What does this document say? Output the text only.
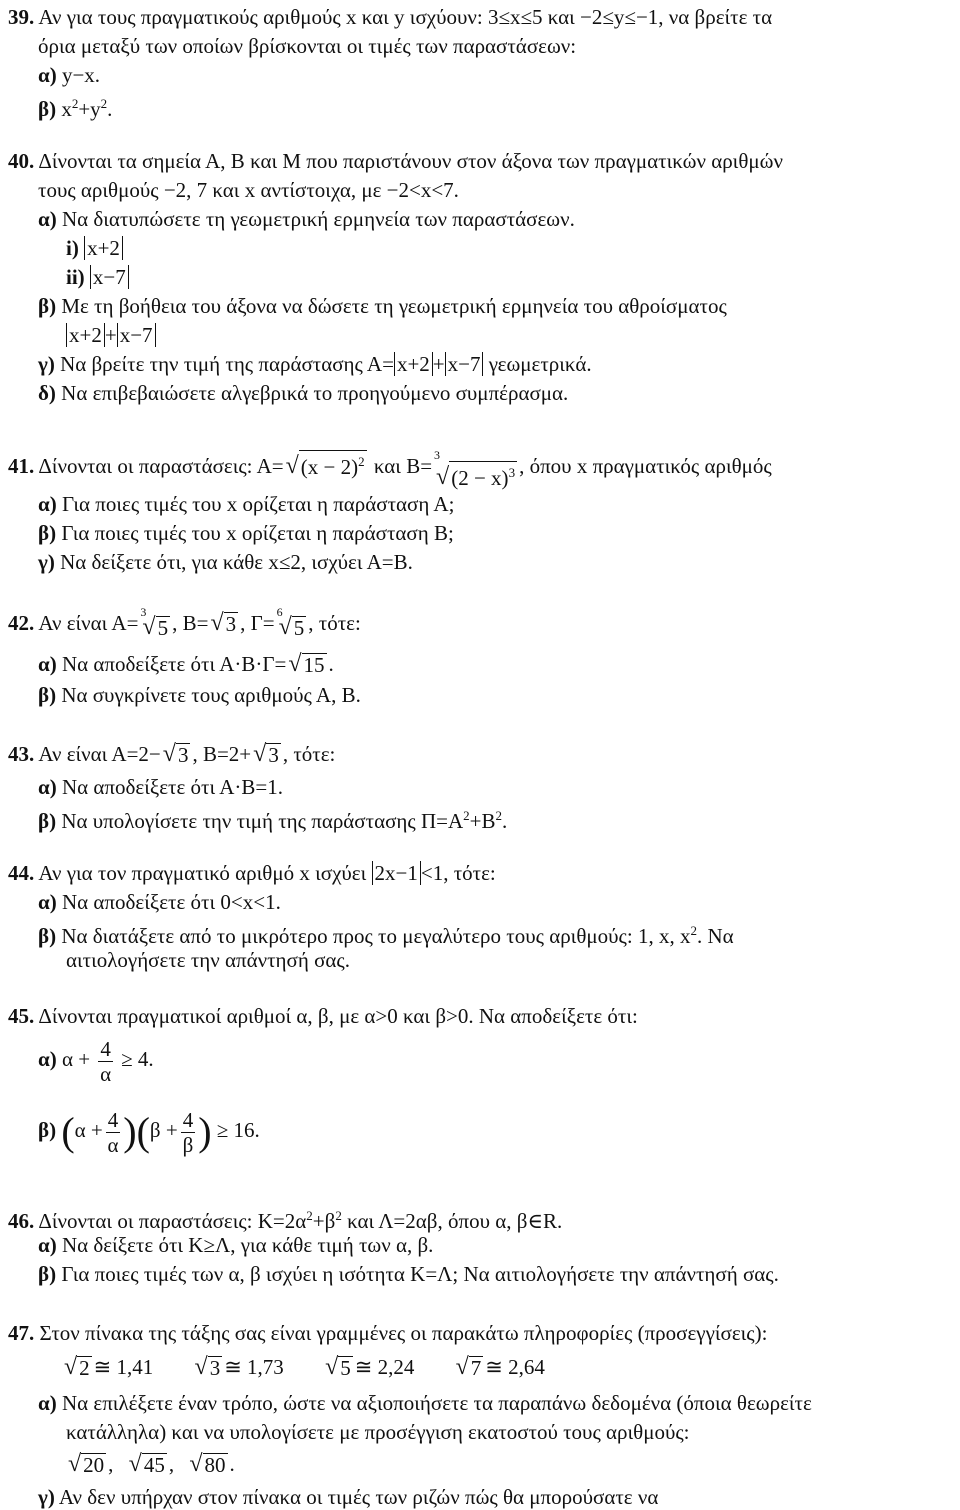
39. Αν για τους πραγματικούς αριθμούς x και y ισχύουν: 3≤x≤5 και −2≤y≤−1, να βρείτε τα
όρια μεταξύ των οποίων βρίσκονται οι τιμές των παραστάσεων:
α) y−x.
β) $x^2+y^2$.
40. Δίνονται τα σημεία Α, Β και Μ που παριστάνουν στον άξονα των πραγματικών αριθμών
τους αριθμούς −2, 7 και x αντίστοιχα, με −2<x<7.
α) Να διατυπώσετε τη γεωμετρική ερμηνεία των παραστάσεων.
i) x+2
ii) x−7
β) Με τη βοήθεια του άξονα να δώσετε τη γεωμετρική ερμηνεία του αθροίσματος
x+2 + x−7
γ) Να βρείτε την τιμή της παράστασης Α= x+2 + x−7 γεωμετρικά.
δ) Να επιβεβαιώσετε αλγεβρικά το προηγούμενο συμπέρασμα.
41. Δίνονται οι παραστάσεις: Α= √ $(x - 2)^2$ και Β= 3
√ $(2 - x)^3$ , όπου x πραγματικός αριθμός
α) Για ποιες τιμές του x ορίζεται η παράσταση Α;
β) Για ποιες τιμές του x ορίζεται η παράσταση Β;
γ) Να δείξετε ότι, για κάθε x≤2, ισχύει Α=Β.
42. Αν είναι Α= 3
√ 5 , Β= √ 3 , Γ= 6
√ 5 , τότε:
α) Να αποδείξετε ότι Α·Β·Γ= √ 15 .
β) Να συγκρίνετε τους αριθμούς Α, Β.
43. Αν είναι Α=2− √ 3 , Β=2+ √ 3 , τότε:
α) Να αποδείξετε ότι Α·Β=1.
β) Να υπολογίσετε την τιμή της παράστασης $\Pi=A^2+B^2$.
44. Αν για τον πραγματικό αριθμό x ισχύει 2x−1 <1, τότε:
α) Να αποδείξετε ότι 0<x<1.
β) Να διατάξετε από το μικρότερο προς το μεγαλύτερο τους αριθμούς: 1, x, $x^2$. Να
αιτιολογήσετε την απάντησή σας.
45. Δίνονται πραγματικοί αριθμοί α, β, με α>0 και β>0. Να αποδείξετε ότι:
α) $\alpha + \frac{4}{\alpha} \ge 4$.
β) $(\alpha + \frac{4}{\alpha} )(\beta + \frac{4}{\beta}$ ) ≥ 16.
46. Δίνονται οι παραστάσεις: $K=2\alpha^2+\beta^2$ και Λ=2αβ, όπου α, β∈R.
α) Να δείξετε ότι Κ≥Λ, για κάθε τιμή των α, β.
β) Για ποιες τιμές των α, β ισχύει η ισότητα Κ=Λ; Να αιτιολογήσετε την απάντησή σας.
47. Στον πίνακα της τάξης σας είναι γραμμένες οι παρακάτω πληροφορίες (προσεγγίσεις):
√ 2 ≅ 1,41 √ 3 ≅ 1,73 √ 5 ≅ 2,24 √ 7 ≅ 2,64
α) Να επιλέξετε έναν τρόπο, ώστε να αξιοποιήσετε τα παραπάνω δεδομένα (όποια θεωρείτε
κατάλληλα) και να υπολογίσετε με προσέγγιση εκατοστού τους αριθμούς:
√ 20 , √ 45 , √ 80 .
γ) Αν δεν υπήρχαν στον πίνακα οι τιμές των ριζών πώς θα μπορούσατε να
